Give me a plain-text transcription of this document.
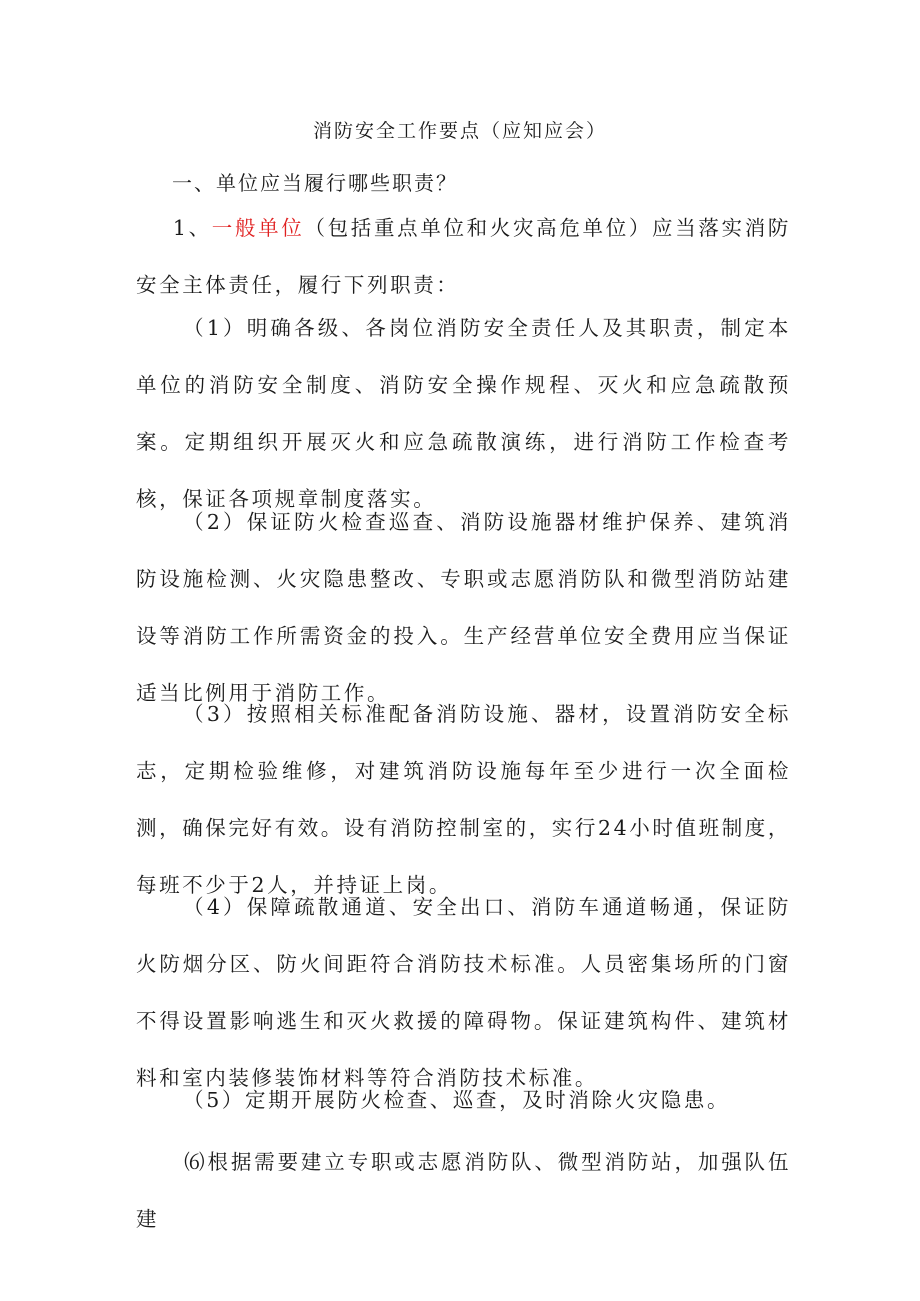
消防安全工作要点（应知应会）
一、单位应当履行哪些职责？
1、一般单位（包括重点单位和火灾高危单位）应当落实消防安全主体责任，履行下列职责：
（1）明确各级、各岗位消防安全责任人及其职责，制定本单位的消防安全制度、消防安全操作规程、灭火和应急疏散预案。定期组织开展灭火和应急疏散演练，进行消防工作检查考核，保证各项规章制度落实。
（2）保证防火检查巡查、消防设施器材维护保养、建筑消防设施检测、火灾隐患整改、专职或志愿消防队和微型消防站建设等消防工作所需资金的投入。生产经营单位安全费用应当保证适当比例用于消防工作。
（3）按照相关标准配备消防设施、器材，设置消防安全标志，定期检验维修，对建筑消防设施每年至少进行一次全面检测，确保完好有效。设有消防控制室的，实行24小时值班制度，每班不少于2人，并持证上岗。
（4）保障疏散通道、安全出口、消防车通道畅通，保证防火防烟分区、防火间距符合消防技术标准。人员密集场所的门窗不得设置影响逃生和灭火救援的障碍物。保证建筑构件、建筑材料和室内装修装饰材料等符合消防技术标准。
（5）定期开展防火检查、巡查，及时消除火灾隐患。
⑹根据需要建立专职或志愿消防队、微型消防站，加强队伍建
